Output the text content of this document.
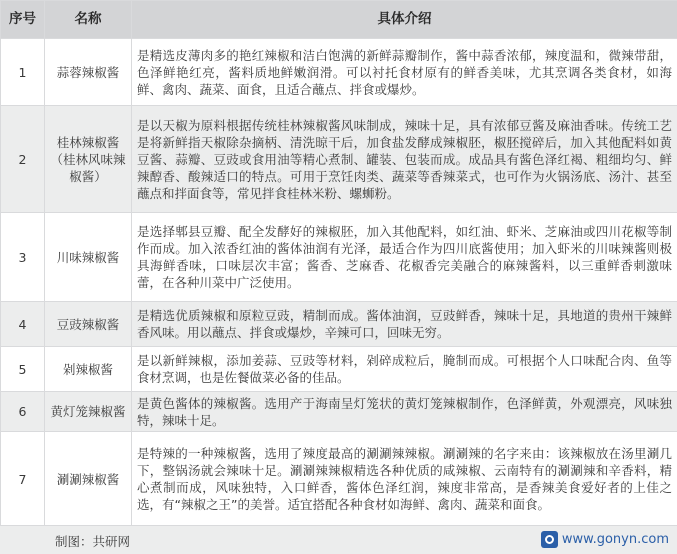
序号	名称	具体介绍
1	蒜蓉辣椒酱	是精选皮薄肉多的艳红辣椒和洁白饱满的新鲜蒜瓣制作，酱中蒜香浓郁，辣度温和，微辣带甜，色泽鲜艳红亮，酱料质地鲜嫩润滑。可以衬托食材原有的鲜香美味，尤其烹调各类食材，如海鲜、禽肉、蔬菜、面食，且适合蘸点、拌食或爆炒。
2	桂林辣椒酱（桂林风味辣椒酱）	是以天椒为原料根据传统桂林辣椒酱风味制成，辣味十足，具有浓郁豆酱及麻油香味。传统工艺是将新鲜指天椒除杂摘柄、清洗晾干后，加食盐发酵成辣椒胚，椒胚搅碎后，加入其他配料如黄豆酱、蒜瓣、豆豉或食用油等精心煮制、罐装、包装而成。成品具有酱色泽红褐、粗细均匀、鲜辣醇香、酸辣适口的特点。可用于烹饪肉类、蔬菜等香辣菜式，也可作为火锅汤底、汤汁、甚至蘸点和拌面食等，常见拌食桂林米粉、螺蛳粉。
3	川味辣椒酱	是选择郫县豆瓣、配全发酵好的辣椒胚，加入其他配料，如红油、虾米、芝麻油或四川花椒等制作而成。加入浓香红油的酱体油润有光泽，最适合作为四川底酱使用；加入虾米的川味辣酱则极具海鲜香味，口味层次丰富；酱香、芝麻香、花椒香完美融合的麻辣酱料，以三重鲜香刺激味蕾，在各种川菜中广泛使用。
4	豆豉辣椒酱	是精选优质辣椒和原粒豆豉，精制而成。酱体油润，豆豉鲜香，辣味十足，具地道的贵州干辣鲜香风味。用以蘸点、拌食或爆炒，辛辣可口，回味无穷。
5	剁辣椒酱	是以新鲜辣椒，添加姜蒜、豆豉等材料，剁碎成粒后，腌制而成。可根据个人口味配合肉、鱼等食材烹调，也是佐餐做菜必备的佳品。
6	黄灯笼辣椒酱	是黄色酱体的辣椒酱。选用产于海南呈灯笼状的黄灯笼辣椒制作，色泽鲜黄，外观漂亮，风味独特，辣味十足。
7	涮涮辣椒酱	是特辣的一种辣椒酱，选用了辣度最高的涮涮辣辣椒。涮涮辣的名字来由：该辣椒放在汤里涮几下，整锅汤就会辣味十足。涮涮辣辣椒精选各种优质的咸辣椒、云南特有的涮涮辣和辛香料，精心煮制而成，风味独特，入口鲜香，酱体色泽红润，辣度非常高，是香辣美食爱好者的上佳之选，有“辣椒之王”的美誉。适宜搭配各种食材如海鲜、禽肉、蔬菜和面食。
制图：共研网	www.gonyn.com
